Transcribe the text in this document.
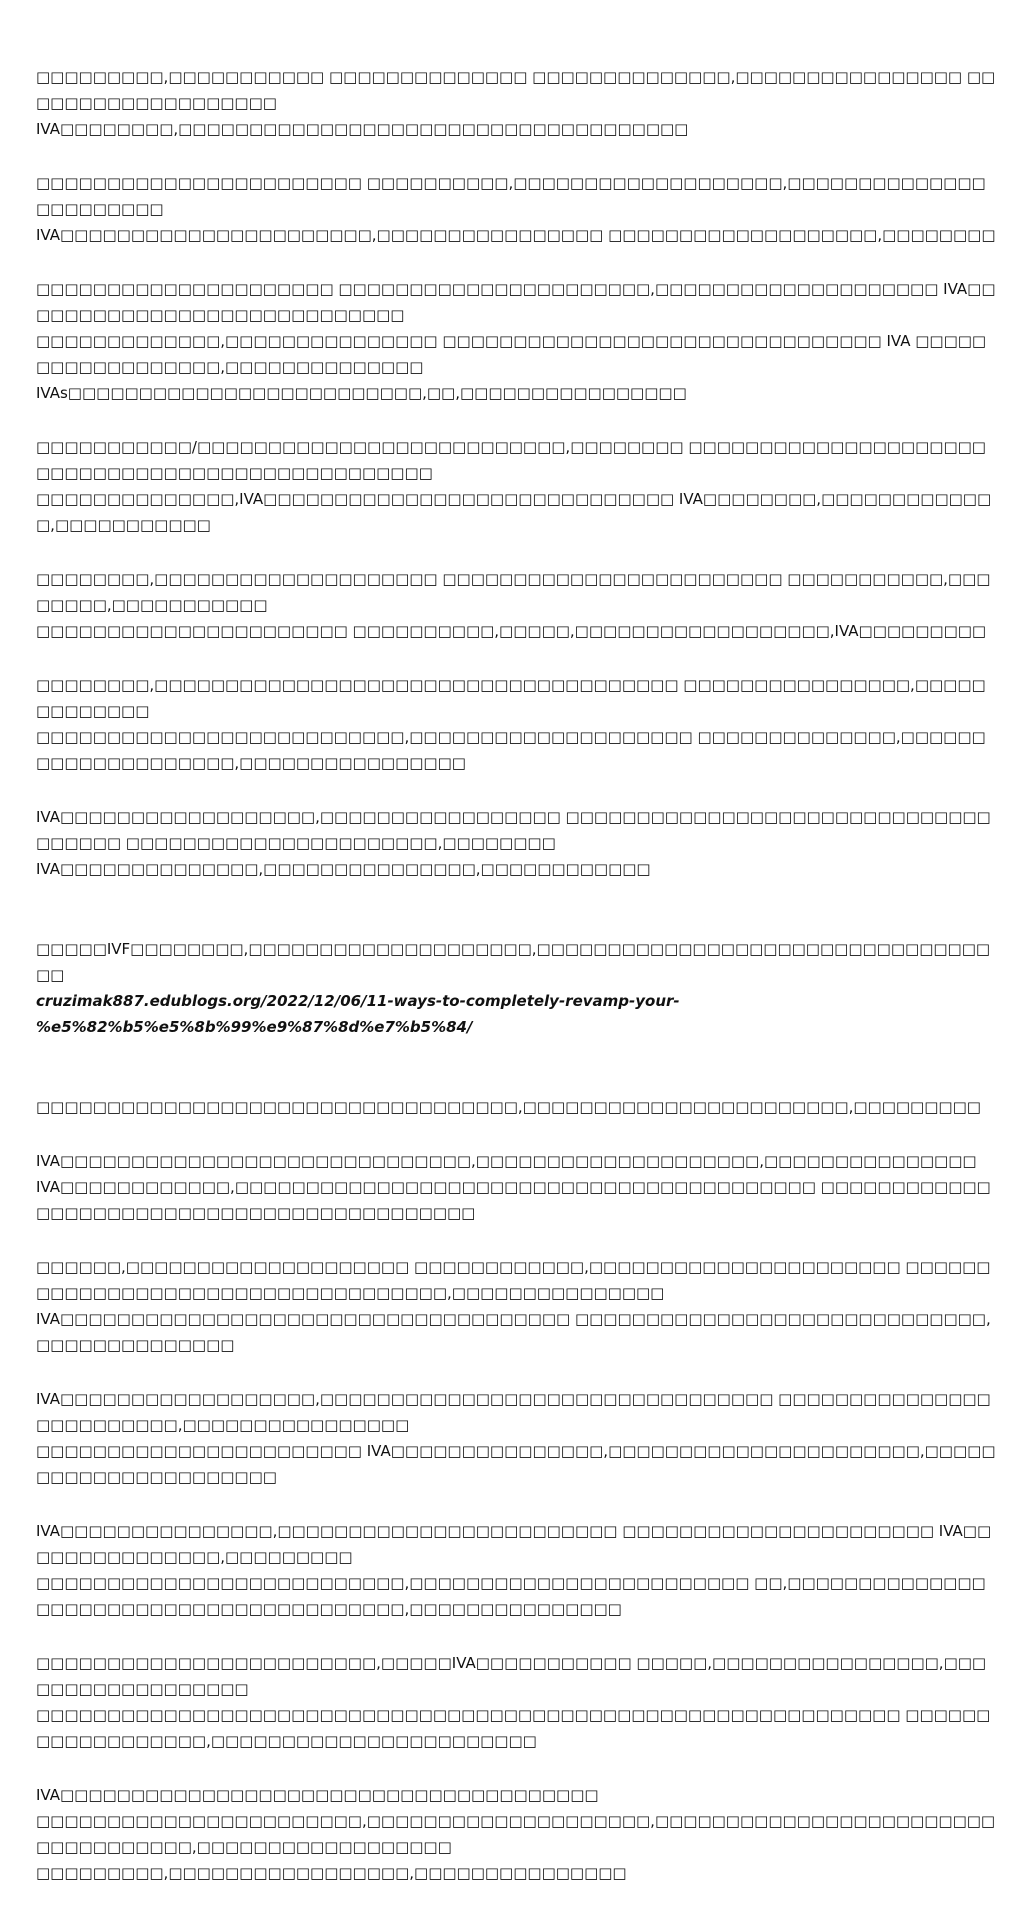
□□□□□□□□□,□□□□□□□□□□□ □□□□□□□□□□□□□□ □□□□□□□□□□□□□□,□□□□□□□□□□□□□□□□ □□□□□□□□□□□□□□□□□□□
IVA□□□□□□□□,□□□□□□□□□□□□□□□□□□□□□□□□□□□□□□□□□□□□

□□□□□□□□□□□□□□□□□□□□□□□ □□□□□□□□□□,□□□□□□□□□□□□□□□□□□□,□□□□□□□□□□□□□□□□□□□□□□□
IVA□□□□□□□□□□□□□□□□□□□□□□,□□□□□□□□□□□□□□□□ □□□□□□□□□□□□□□□□□□□,□□□□□□□□

□□□□□□□□□□□□□□□□□□□□□ □□□□□□□□□□□□□□□□□□□□□□,□□□□□□□□□□□□□□□□□□□□ IVA□□□□□□□□□□□□□□□□□□□□□□□□□□□□
□□□□□□□□□□□□□,□□□□□□□□□□□□□□□ □□□□□□□□□□□□□□□□□□□□□□□□□□□□□□□ IVA □□□□□□□□□□□□□□□□□□,□□□□□□□□□□□□□□
IVAs□□□□□□□□□□□□□□□□□□□□□□□□□,□□,□□□□□□□□□□□□□□□□

□□□□□□□□□□□/□□□□□□□□□□□□□□□□□□□□□□□□□□,□□□□□□□□ □□□□□□□□□□□□□□□□□□□□□ □□□□□□□□□□□□□□□□□□□□□□□□□□□□
□□□□□□□□□□□□□□,IVA□□□□□□□□□□□□□□□□□□□□□□□□□□□□□ IVA□□□□□□□□,□□□□□□□□□□□□□,□□□□□□□□□□□

□□□□□□□□,□□□□□□□□□□□□□□□□□□□□ □□□□□□□□□□□□□□□□□□□□□□□□ □□□□□□□□□□□,□□□□□□□□,□□□□□□□□□□□
□□□□□□□□□□□□□□□□□□□□□□ □□□□□□□□□□,□□□□□,□□□□□□□□□□□□□□□□□□,IVA□□□□□□□□□

□□□□□□□□,□□□□□□□□□□□□□□□□□□□□□□□□□□□□□□□□□□□□□ □□□□□□□□□□□□□□□□,□□□□□□□□□□□□□
□□□□□□□□□□□□□□□□□□□□□□□□□□,□□□□□□□□□□□□□□□□□□□□ □□□□□□□□□□□□□□,□□□□□□□□□□□□□□□□□□□□,□□□□□□□□□□□□□□□□

IVA□□□□□□□□□□□□□□□□□□,□□□□□□□□□□□□□□□□□ □□□□□□□□□□□□□□□□□□□□□□□□□□□□□□□□□□□□ □□□□□□□□□□□□□□□□□□□□□□,□□□□□□□□
IVA□□□□□□□□□□□□□□,□□□□□□□□□□□□□□□,□□□□□□□□□□□□

□□□□□IVF□□□□□□□□,□□□□□□□□□□□□□□□□□□□□,□□□□□□□□□□□□□□□□□□□□□□□□□□□□□□□□□□

cruzimak887.edublogs.org/2022/12/06/11-ways-to-completely-revamp-your-
%e5%82%b5%e5%8b%99%e9%87%8d%e7%b5%84/

□□□□□□□□□□□□□□□□□□□□□□□□□□□□□□□□□□,□□□□□□□□□□□□□□□□□□□□□□□,□□□□□□□□□

IVA□□□□□□□□□□□□□□□□□□□□□□□□□□□□□,□□□□□□□□□□□□□□□□□□□□,□□□□□□□□□□□□□□□
IVA□□□□□□□□□□□□,□□□□□□□□□□□□□□□□□□□□□□□□□□□□□□□□□□□□□□□□□ □□□□□□□□□□□□□□□□□□□□□□□□□□□□□□□□□□□□□□□□□□□

□□□□□□,□□□□□□□□□□□□□□□□□□□□ □□□□□□□□□□□□,□□□□□□□□□□□□□□□□□□□□□□ □□□□□□□□□□□□□□□□□□□□□□□□□□□□□□□□□□□,□□□□□□□□□□□□□□□
IVA□□□□□□□□□□□□□□□□□□□□□□□□□□□□□□□□□□□□ □□□□□□□□□□□□□□□□□□□□□□□□□□□□□,□□□□□□□□□□□□□□

IVA□□□□□□□□□□□□□□□□□□,□□□□□□□□□□□□□□□□□□□□□□□□□□□□□□□□ □□□□□□□□□□□□□□□□□□□□□□□□□,□□□□□□□□□□□□□□□□
□□□□□□□□□□□□□□□□□□□□□□□ IVA□□□□□□□□□□□□□□□,□□□□□□□□□□□□□□□□□□□□□□,□□□□□□□□□□□□□□□□□□□□□□

IVA□□□□□□□□□□□□□□□,□□□□□□□□□□□□□□□□□□□□□□□□ □□□□□□□□□□□□□□□□□□□□□□ IVA□□□□□□□□□□□□□□□,□□□□□□□□□
□□□□□□□□□□□□□□□□□□□□□□□□□□,□□□□□□□□□□□□□□□□□□□□□□□□ □□,□□□□□□□□□□□□□□□□□□□□□□□□□□□□□□□□□□□□□□□□,□□□□□□□□□□□□□□□

□□□□□□□□□□□□□□□□□□□□□□□□,□□□□□IVA□□□□□□□□□□□ □□□□□,□□□□□□□□□□□□□□□□,□□□□□□□□□□□□□□□□□□
□□□□□□□□□□□□□□□□□□□□□□□□□□□□□□□□□□□□□□□□□□□□□□□□□□□□□□□□□□□□□ □□□□□□□□□□□□□□□□□□,□□□□□□□□□□□□□□□□□□□□□□□

IVA□□□□□□□□□□□□□□□□□□□□□□□□□□□□□□□□□□□□□□
□□□□□□□□□□□□□□□□□□□□□□□,□□□□□□□□□□□□□□□□□□□□,□□□□□□□□□□□□□□□□□□□□□□□□□□□□□□□□□□□,□□□□□□□□□□□□□□□□□□
□□□□□□□□□,□□□□□□□□□□□□□□□□□,□□□□□□□□□□□□□□□
